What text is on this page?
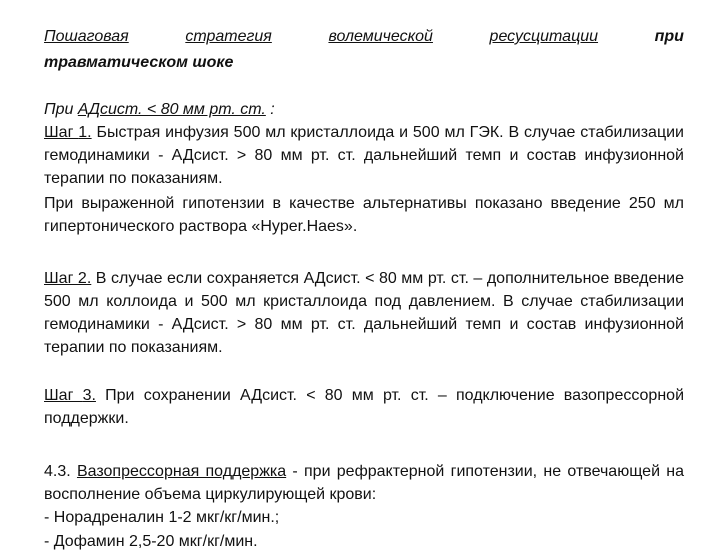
Пошаговая	стратегия	волемической	ресусцитации	при
травматическом шоке

При АДсист. < 80 мм рт. ст. :

Шаг 1. Быстрая инфузия 500 мл кристаллоида и 500 мл ГЭК. В случае стабилизации гемодинамики - АДсист. > 80 мм рт. ст. дальнейший темп и состав инфузионной терапии по показаниям.

При выраженной гипотензии в качестве альтернативы показано введение 250 мл гипертонического раствора «Hyper.Haes».

Шаг 2. В случае если сохраняется АДсист. < 80 мм рт. ст. – дополнительное введение 500 мл коллоида и 500 мл кристаллоида под давлением. В случае стабилизации гемодинамики - АДсист. > 80 мм рт. ст. дальнейший темп и состав инфузионной терапии по показаниям.

Шаг 3. При сохранении АДсист. < 80 мм рт. ст. – подключение вазопрессорной поддержки.

4.3. Вазопрессорная поддержка - при рефрактерной гипотензии, не отвечающей на восполнение объема циркулирующей крови:

- Норадреналин 1-2 мкг/кг/мин.;

- Дофамин 2,5-20 мкг/кг/мин.
